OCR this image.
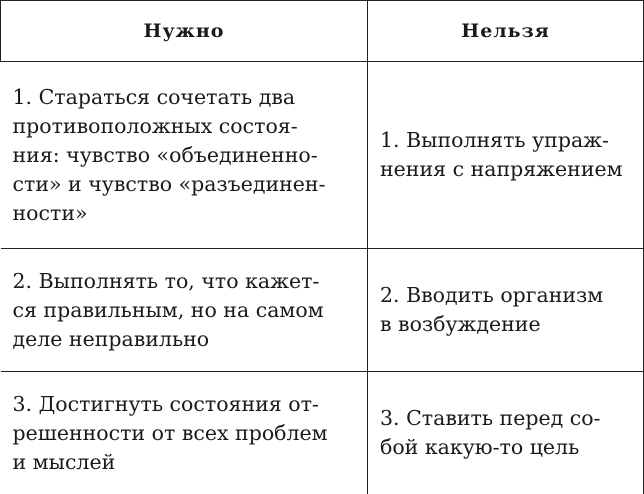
Нужно	Нельзя

1. Стараться сочетать два
противоположных состоя-
ния: чувство «объединенно-
сти» и чувство «разъединен-
ности»	1. Выполнять упраж-
нения с напряжением

2. Выполнять то, что кажет-
ся правильным, но на самом
деле неправильно	2. Вводить организм
в возбуждение

3. Достигнуть состояния от-
решенности от всех проблем
и мыслей	3. Ставить перед со-
бой какую-то цель
